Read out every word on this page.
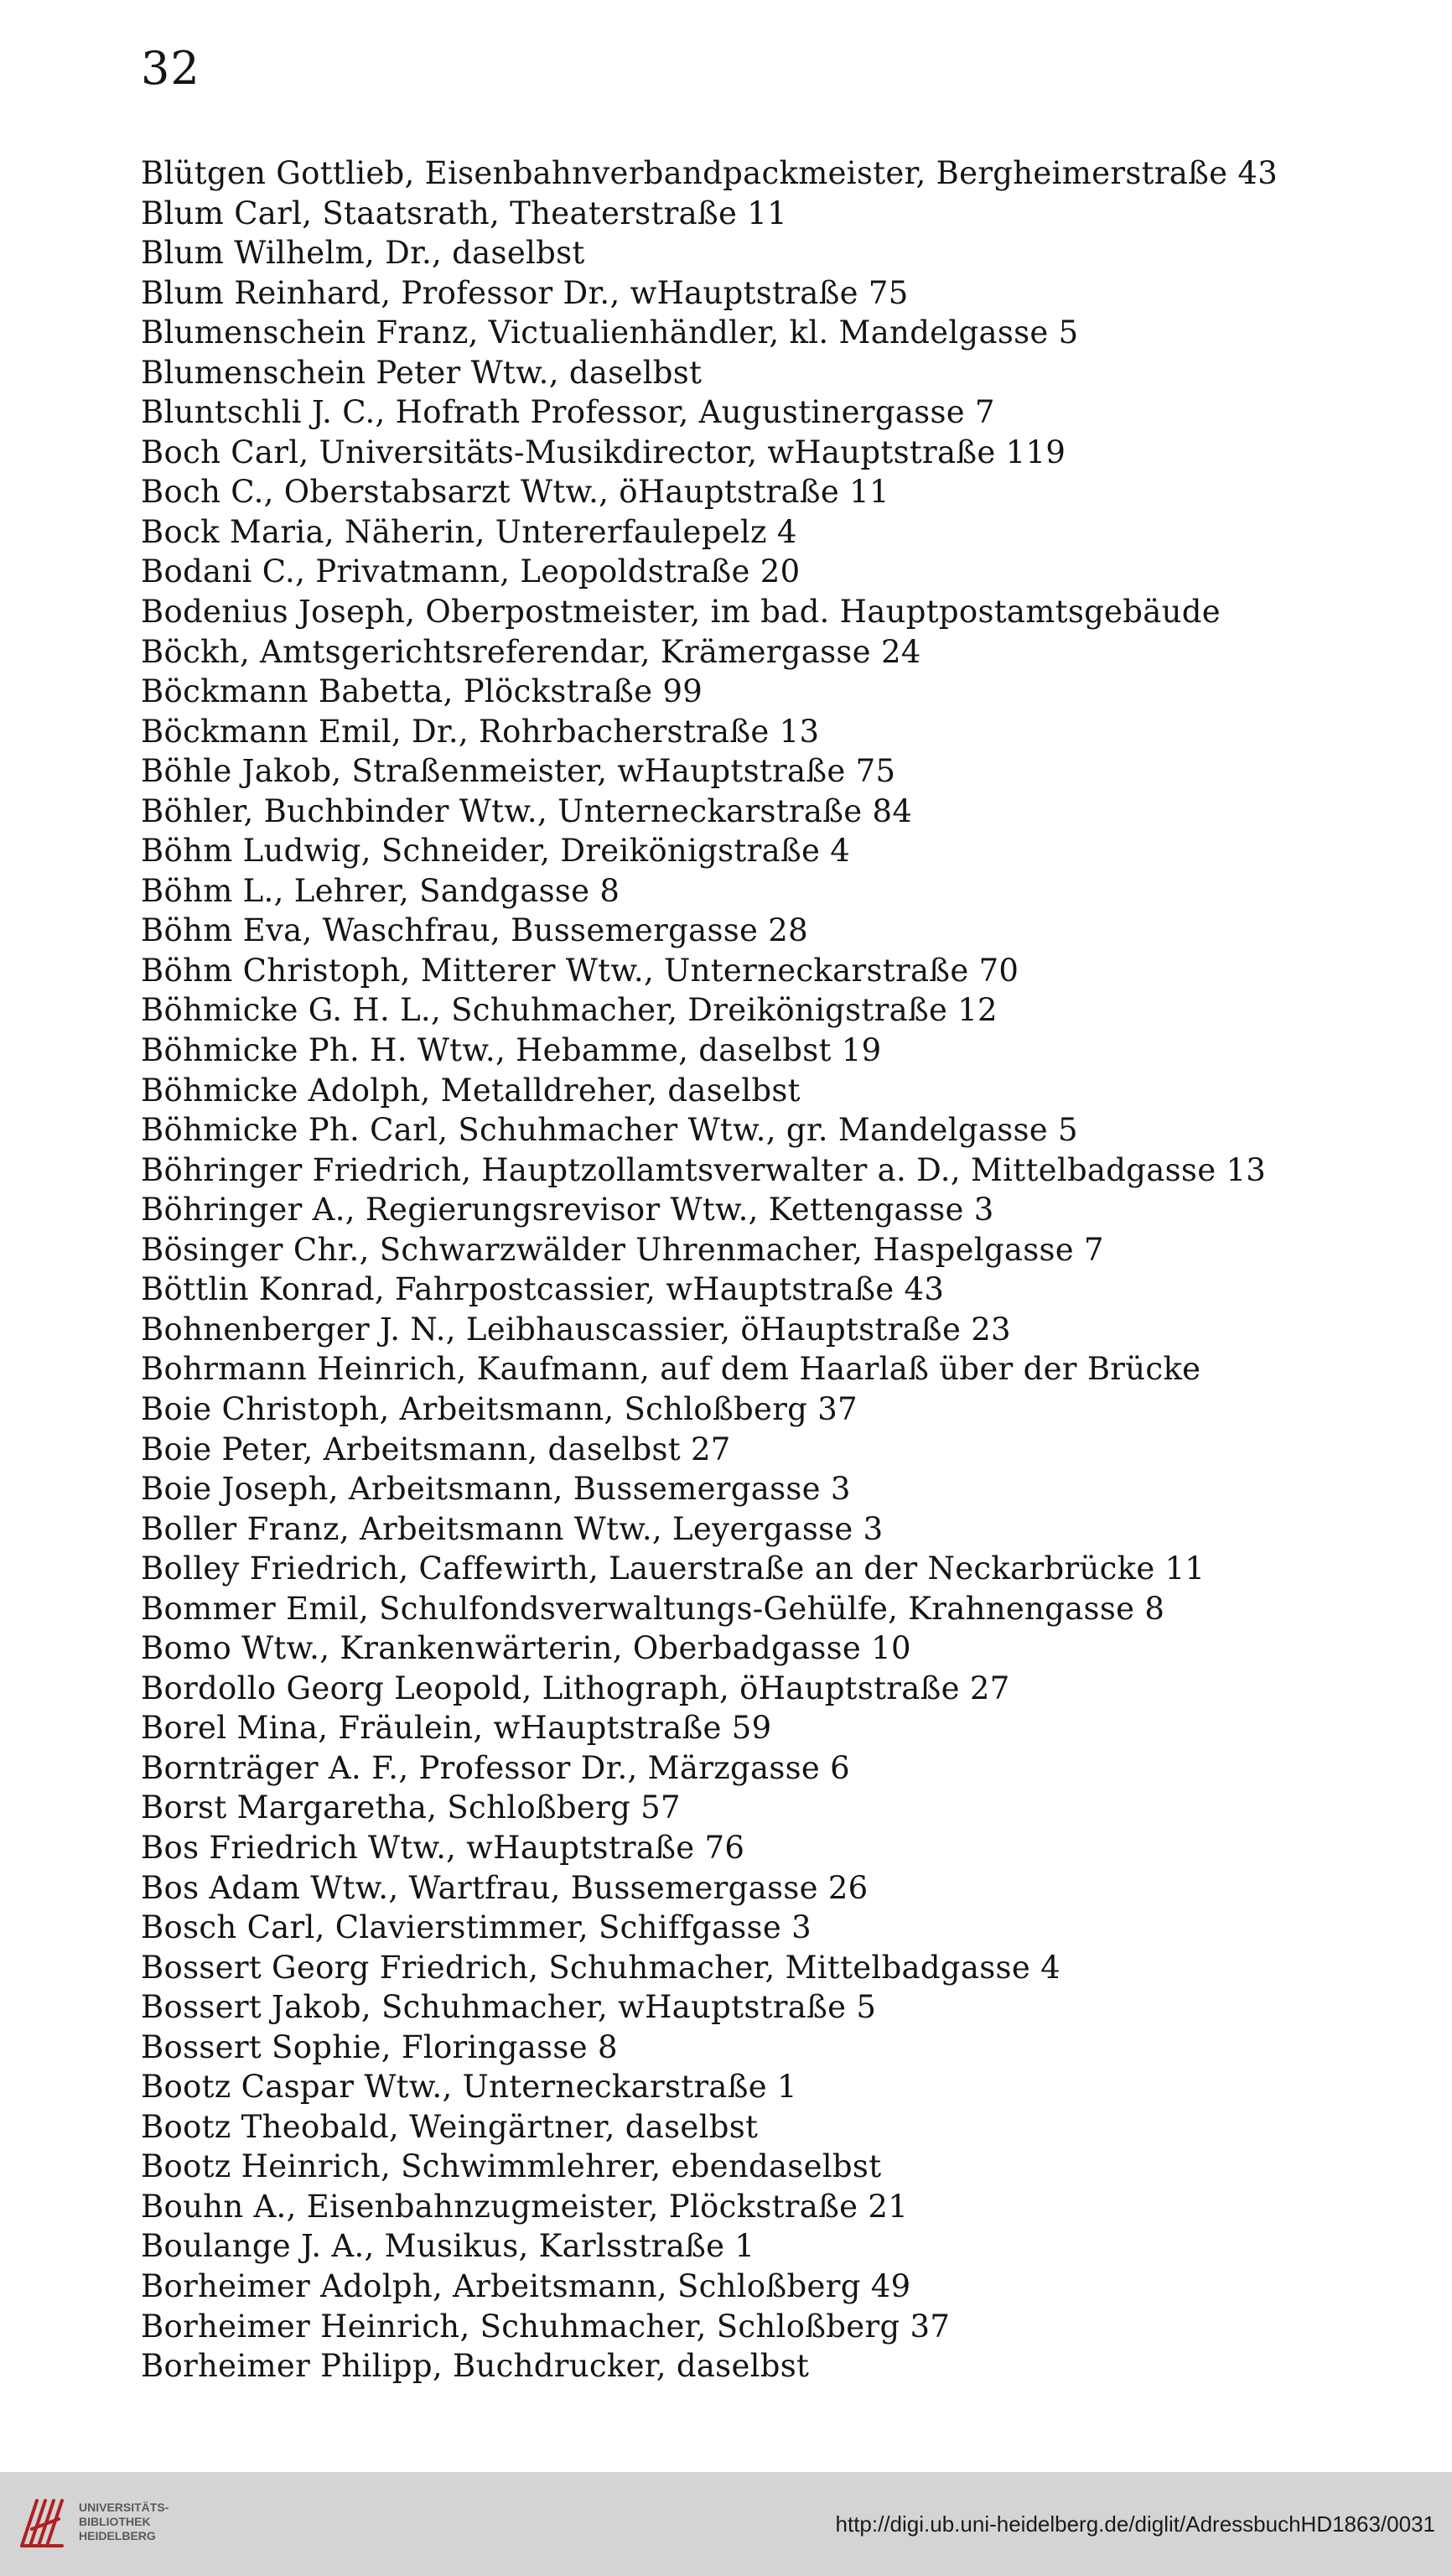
32
Blütgen Gottlieb, Eisenbahnverbandpackmeister, Bergheimerstraße 43
Blum Carl, Staatsrath, Theaterstraße 11
Blum Wilhelm, Dr., daselbst
Blum Reinhard, Professor Dr., wHauptstraße 75
Blumenschein Franz, Victualienhändler, kl. Mandelgasse 5
Blumenschein Peter Wtw., daselbst
Bluntschli J. C., Hofrath Professor, Augustinergasse 7
Boch Carl, Universitäts-Musikdirector, wHauptstraße 119
Boch C., Oberstabsarzt Wtw., öHauptstraße 11
Bock Maria, Näherin, Untererfaulepelz 4
Bodani C., Privatmann, Leopoldstraße 20
Bodenius Joseph, Oberpostmeister, im bad. Hauptpostamtsgebäude
Böckh, Amtsgerichtsreferendar, Krämergasse 24
Böckmann Babetta, Plöckstraße 99
Böckmann Emil, Dr., Rohrbacherstraße 13
Böhle Jakob, Straßenmeister, wHauptstraße 75
Böhler, Buchbinder Wtw., Unterneckarstraße 84
Böhm Ludwig, Schneider, Dreikönigstraße 4
Böhm L., Lehrer, Sandgasse 8
Böhm Eva, Waschfrau, Bussemergasse 28
Böhm Christoph, Mitterer Wtw., Unterneckarstraße 70
Böhmicke G. H. L., Schuhmacher, Dreikönigstraße 12
Böhmicke Ph. H. Wtw., Hebamme, daselbst 19
Böhmicke Adolph, Metalldreher, daselbst
Böhmicke Ph. Carl, Schuhmacher Wtw., gr. Mandelgasse 5
Böhringer Friedrich, Hauptzollamtsverwalter a. D., Mittelbadgasse 13
Böhringer A., Regierungsrevisor Wtw., Kettengasse 3
Bösinger Chr., Schwarzwälder Uhrenmacher, Haspelgasse 7
Böttlin Konrad, Fahrpostcassier, wHauptstraße 43
Bohnenberger J. N., Leibhauscassier, öHauptstraße 23
Bohrmann Heinrich, Kaufmann, auf dem Haarlaß über der Brücke
Boie Christoph, Arbeitsmann, Schloßberg 37
Boie Peter, Arbeitsmann, daselbst 27
Boie Joseph, Arbeitsmann, Bussemergasse 3
Boller Franz, Arbeitsmann Wtw., Leyergasse 3
Bolley Friedrich, Caffewirth, Lauerstraße an der Neckarbrücke 11
Bommer Emil, Schulfondsverwaltungs-Gehülfe, Krahnengasse 8
Bomo Wtw., Krankenwärterin, Oberbadgasse 10
Bordollo Georg Leopold, Lithograph, öHauptstraße 27
Borel Mina, Fräulein, wHauptstraße 59
Bornträger A. F., Professor Dr., Märzgasse 6
Borst Margaretha, Schloßberg 57
Bos Friedrich Wtw., wHauptstraße 76
Bos Adam Wtw., Wartfrau, Bussemergasse 26
Bosch Carl, Clavierstimmer, Schiffgasse 3
Bossert Georg Friedrich, Schuhmacher, Mittelbadgasse 4
Bossert Jakob, Schuhmacher, wHauptstraße 5
Bossert Sophie, Floringasse 8
Bootz Caspar Wtw., Unterneckarstraße 1
Bootz Theobald, Weingärtner, daselbst
Bootz Heinrich, Schwimmlehrer, ebendaselbst
Bouhn A., Eisenbahnzugmeister, Plöckstraße 21
Boulange J. A., Musikus, Karlsstraße 1
Borheimer Adolph, Arbeitsmann, Schloßberg 49
Borheimer Heinrich, Schuhmacher, Schloßberg 37
Borheimer Philipp, Buchdrucker, daselbst
UNIVERSITÄTS-
BIBLIOTHEK
HEIDELBERG	http://digi.ub.uni-heidelberg.de/diglit/AdressbuchHD1863/0031
